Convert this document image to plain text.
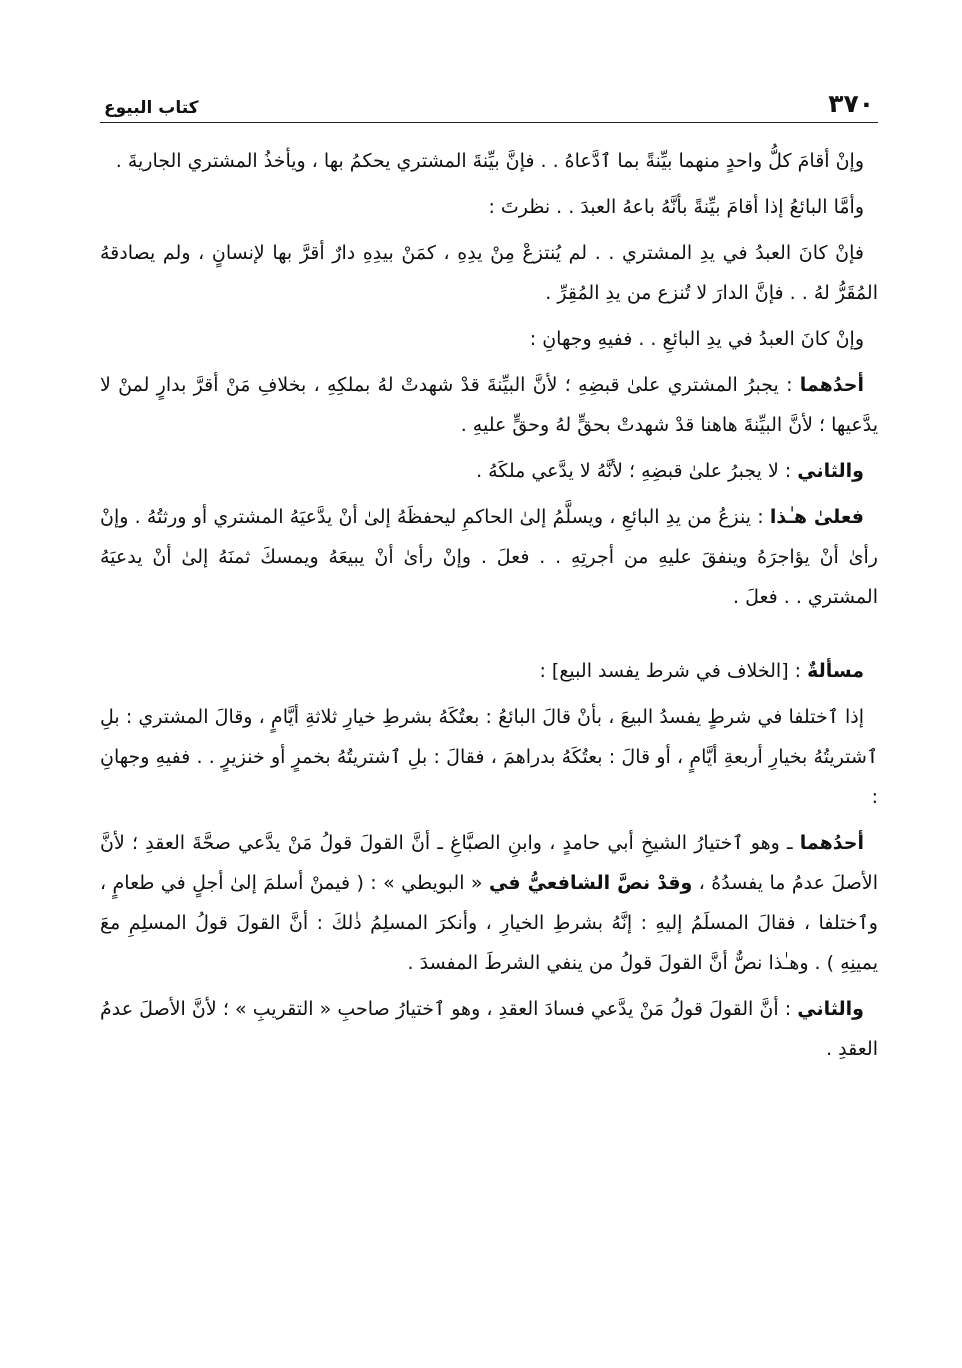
٣٧٠
كتاب البيوع

وإنْ أقامَ كلُّ واحدٍ منهما بيِّنةً بما ٱدَّعاهُ . . فإنَّ بيِّنةَ المشتري يحكمُ بها ، ويأخذُ المشتري الجاريةَ .

وأمَّا البائعُ إذا أقامَ بيِّنةً بأنَّهُ باعهُ العبدَ . . نظرتَ :

فإنْ كانَ العبدُ في يدِ المشتري . . لم يُنتزعْ مِنْ يدِهِ ، كمَنْ بيدِهِ دارٌ أقرَّ بها لإنسانٍ ، ولم يصادقهُ المُقَرُّ لهُ . . فإنَّ الدارَ لا تُنزع من يدِ المُقِرِّ .

وإنْ كانَ العبدُ في يدِ البائعِ . . ففيهِ وجهانِ :

أحدُهما : يجبرُ المشتري علىٰ قبضِهِ ؛ لأنَّ البيِّنةَ قدْ شهدتْ لهُ بملكِهِ ، بخلافِ مَنْ أقرَّ بدارٍ لمنْ لا يدَّعيها ؛ لأنَّ البيِّنةَ هاهنا قدْ شهدتْ بحقٍّ لهُ وحقٍّ عليهِ .

والثاني : لا يجبرُ علىٰ قبضِهِ ؛ لأنَّهُ لا يدَّعي ملكَهُ .

فعلىٰ هـٰذا : ينزعُ من يدِ البائعِ ، ويسلَّمُ إلىٰ الحاكمِ ليحفظَهُ إلىٰ أنْ يدَّعيَهُ المشتري أو ورثتُهُ . وإنْ رأىٰ أنْ يؤاجرَهُ وينفقَ عليهِ من أجرتِهِ . . فعلَ . وإنْ رأىٰ أنْ يبيعَهُ ويمسكَ ثمنَهُ إلىٰ أنْ يدعيَهُ المشتري . . فعلَ .

مسألةٌ : [الخلاف في شرط يفسد البيع] :

إذا ٱختلفا في شرطٍ يفسدُ البيعَ ، بأنْ قالَ البائعُ : بعتُكَهُ بشرطِ خيارِ ثلاثةِ أيَّامٍ ، وقالَ المشتري : بلِ ٱشتريتُهُ بخيارِ أربعةِ أيَّامٍ ، أو قالَ : بعتُكَهُ بدراهمَ ، فقالَ : بلِ ٱشتريتُهُ بخمرٍ أو خنزيرٍ . . ففيهِ وجهانِ :

أحدُهما ـ وهو ٱختيارُ الشيخِ أبي حامدٍ ، وابنِ الصبَّاغِ ـ أنَّ القولَ قولُ مَنْ يدَّعي صحَّةَ العقدِ ؛ لأنَّ الأصلَ عدمُ ما يفسدُهُ ، وقدْ نصَّ الشافعيُّ في « البويطي » : ( فيمنْ أسلمَ إلىٰ أجلٍ في طعامٍ ، وٱختلفا ، فقالَ المسلَمُ إليهِ : إنَّهُ بشرطِ الخيارِ ، وأنكرَ المسلِمُ ذٰلكَ : أنَّ القولَ قولُ المسلِمِ معَ يمينِهِ ) . وهـٰذا نصٌّ أنَّ القولَ قولُ من ينفي الشرطَ المفسدَ .

والثاني : أنَّ القولَ قولُ مَنْ يدَّعي فسادَ العقدِ ، وهو ٱختيارُ صاحبِ « التقريبِ » ؛ لأنَّ الأصلَ عدمُ العقدِ .
